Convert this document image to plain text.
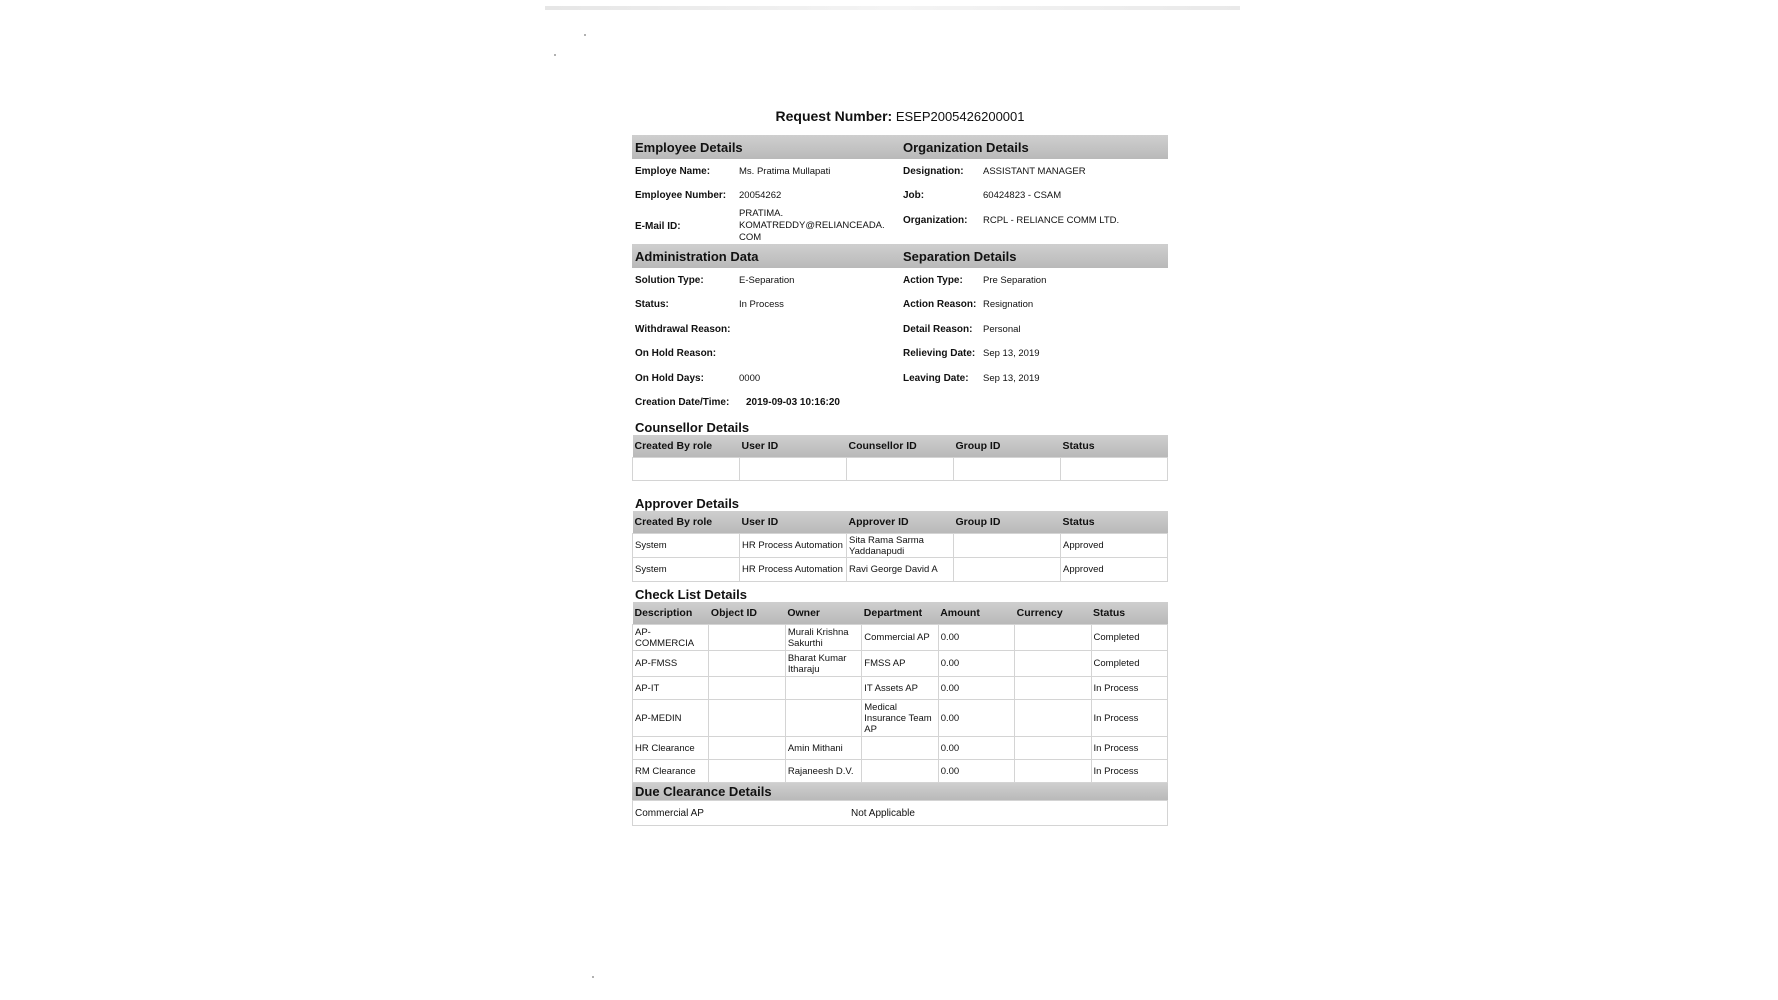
Request Number: ESEP2005426200001
Employee Details	Organization Details
Employe Name:	Ms. Pratima Mullapati
Employee Number:	20054262
E-Mail ID:
PRATIMA. KOMATREDDY@RELIANCEADA. COM
Designation:	ASSISTANT MANAGER
Job:	60424823 - CSAM
Organization:	RCPL - RELIANCE COMM LTD.
Administration Data	Separation Details
Solution Type:	E-Separation
Status:	In Process
Withdrawal Reason:
On Hold Reason:
On Hold Days:	0000
Action Type:	Pre Separation
Action Reason: Resignation
Detail Reason:	Personal
Relieving Date: Sep 13, 2019
Leaving Date:	Sep 13, 2019
Creation Date/Time:	2019-09-03 10:16:20
Counsellor Details
Created By role	User ID	Counsellor ID	Group ID	Status

Approver Details
Created By role	User ID	Approver ID	Group ID	Status
System	HR Process Automation	Sita Rama Sarma Yaddanapudi		Approved
System	HR Process Automation	Ravi George David A		Approved
Check List Details
Description	Object ID	Owner	Department	Amount	Currency	Status
AP-COMMERCIA		Murali Krishna Sakurthi	Commercial AP	0.00		Completed
AP-FMSS		Bharat Kumar Itharaju	FMSS AP	0.00		Completed
AP-IT			IT Assets AP	0.00		In Process
AP-MEDIN			Medical Insurance Team AP	0.00		In Process
HR Clearance		Amin Mithani		0.00		In Process
RM Clearance		Rajaneesh D.V.		0.00		In Process
Due Clearance Details
Commercial AP	Not Applicable
